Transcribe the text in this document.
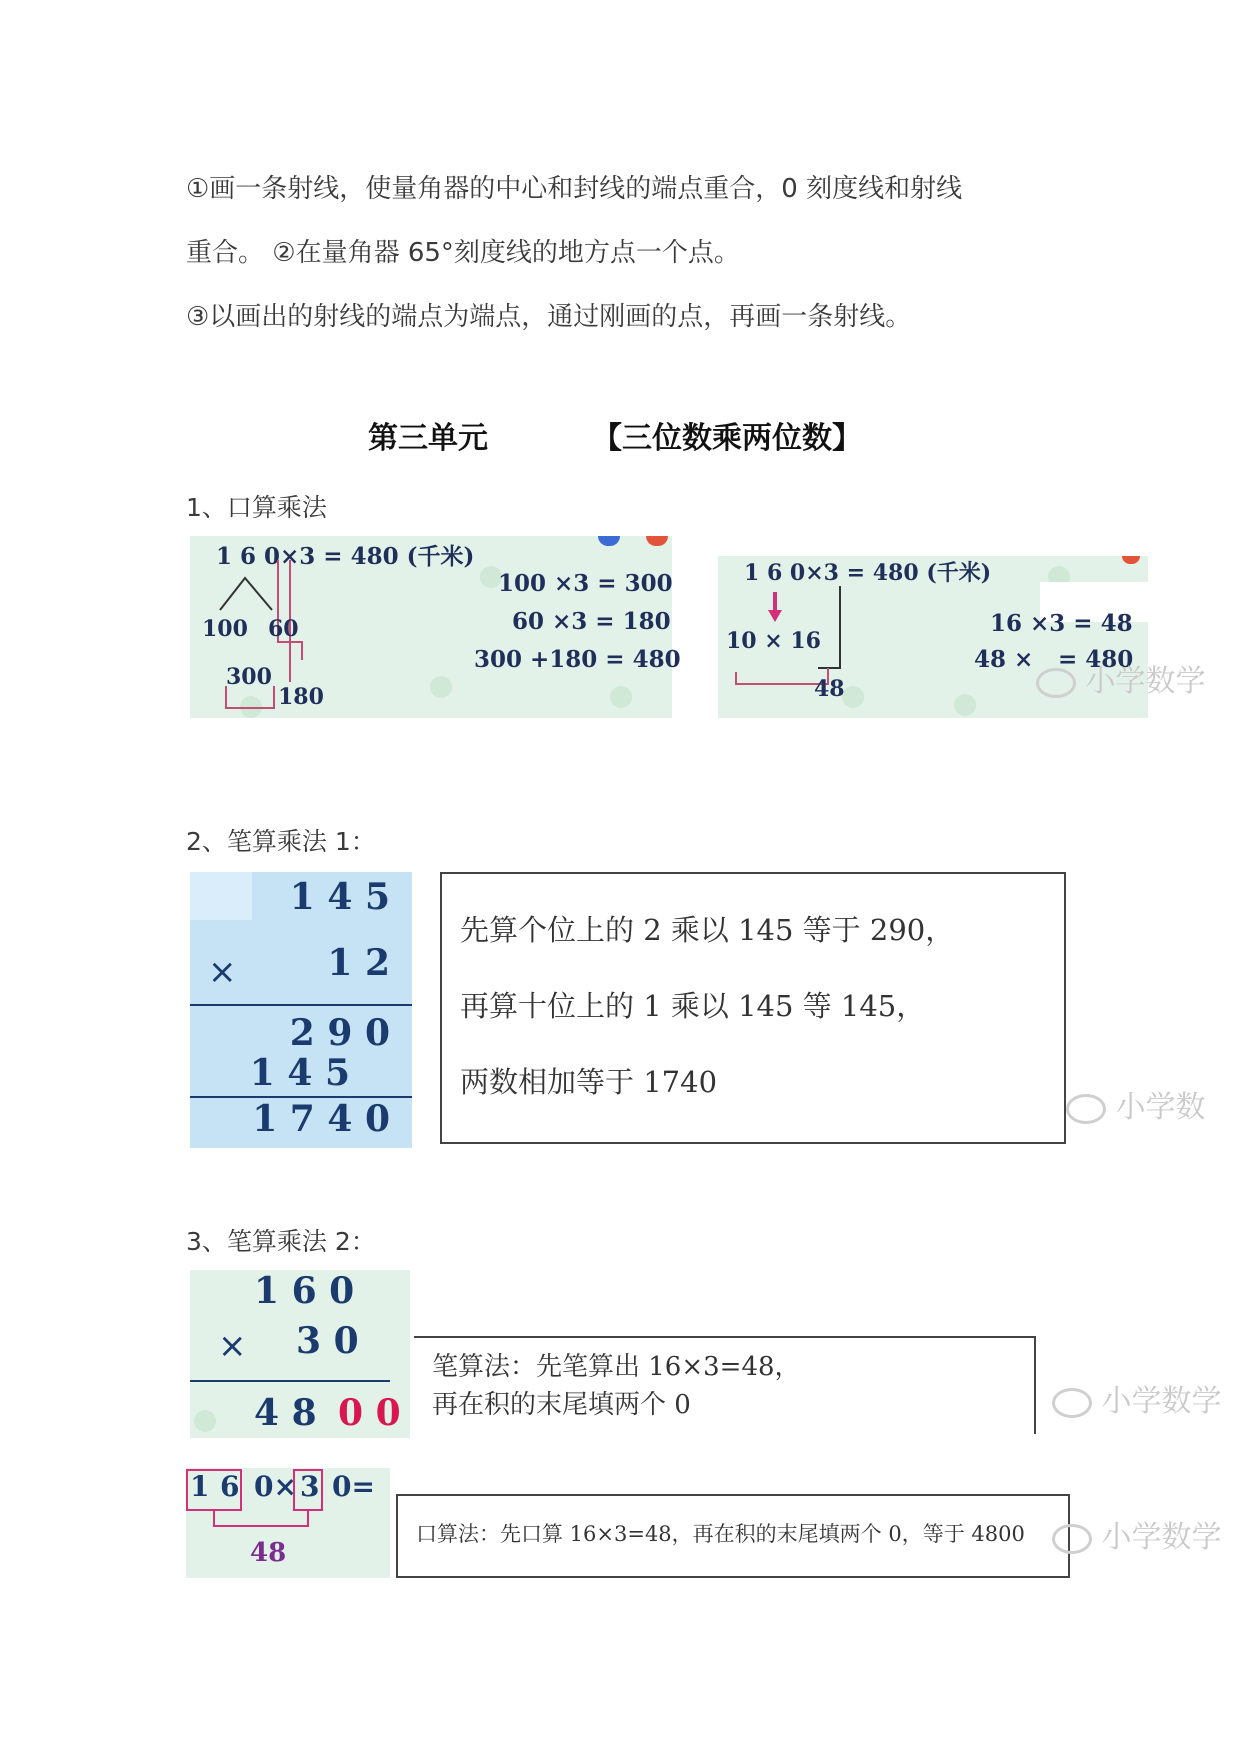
①画一条射线，使量角器的中心和封线的端点重合，0 刻度线和射线
重合。 ②在量角器 65°刻度线的地方点一个点。
③以画出的射线的端点为端点，通过刚画的点，再画一条射线。
第三单元	【三位数乘两位数】
1、口算乘法
1 6 0×3 = 480 (千米)
100 60
300
180
100 ×3 = 300
60 ×3 = 180
300 +180 = 480
1 6 0×3 = 480 (千米)
10 × 16
48
16 ×3 = 48
48 × = 480
小学数学
2、笔算乘法 1：
1 4 5
×	1 2
2 9 0
1 4 5
1 7 4 0
先算个位上的 2 乘以 145 等于 290，
再算十位上的 1 乘以 145 等 145，
两数相加等于 1740
小学数
3、笔算乘法 2：
1 6 0
× 3 0
4 8 0 0
笔算法：先笔算出 16×3=48，
再在积的末尾填两个 0	小学数学
1 6 0× 3 0=
48
口算法：先口算 16×3=48，再在积的末尾填两个 0，等于 4800	小学数学
